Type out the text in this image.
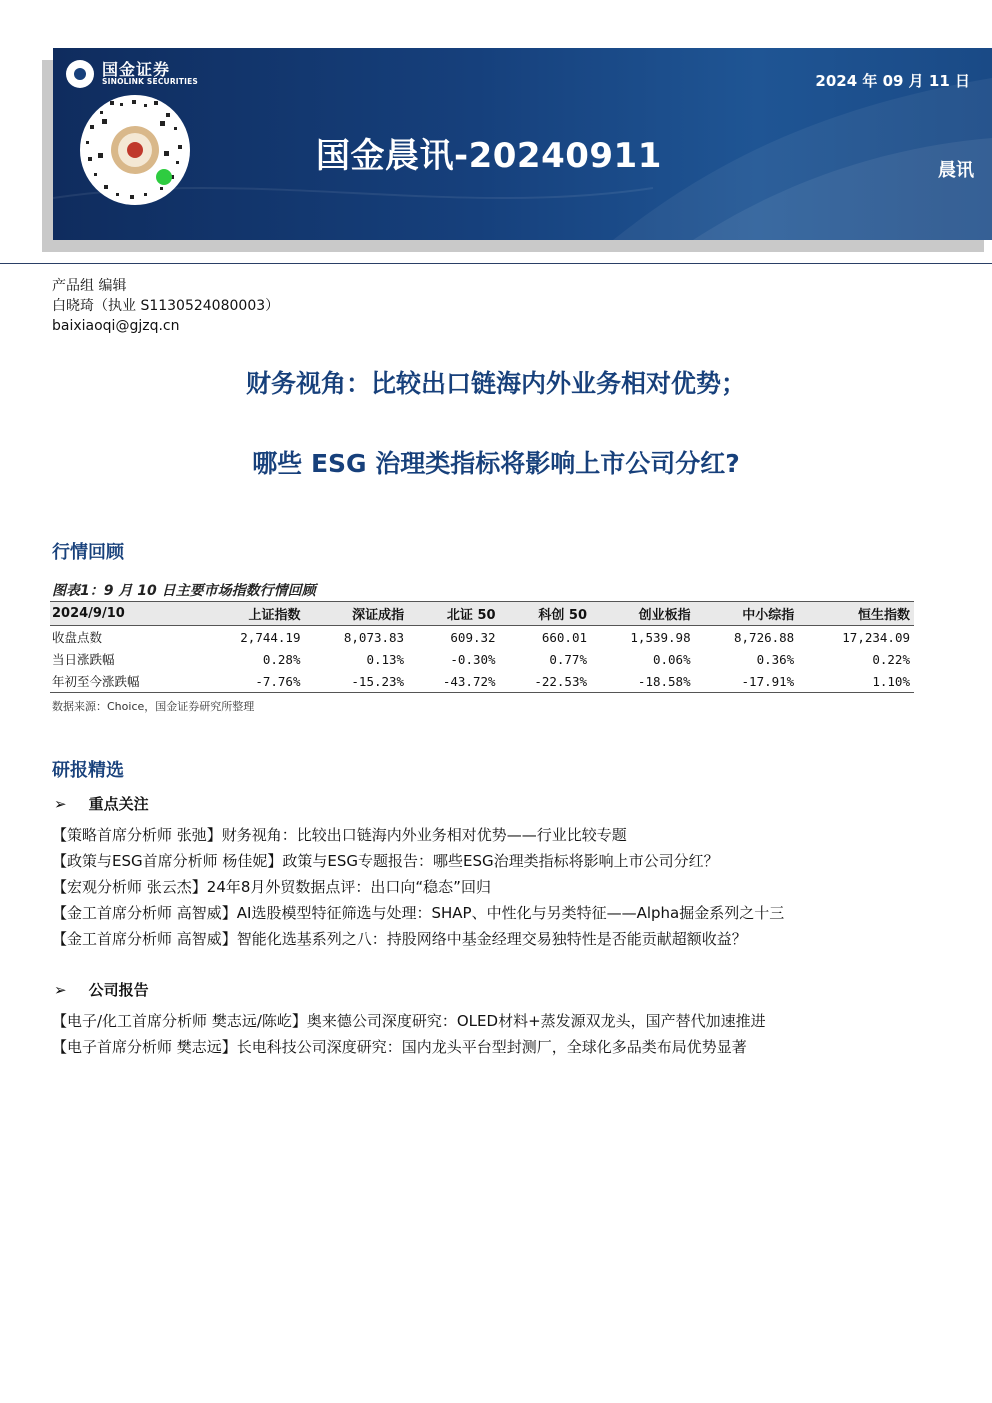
国金证券
SINOLINK SECURITIES	2024 年 09 月 11 日
国金晨讯-20240911	晨讯
产品组 编辑
白晓琦（执业 S1130524080003）
baixiaoqi@gjzq.cn
财务视角：比较出口链海内外业务相对优势；
哪些 ESG 治理类指标将影响上市公司分红?
行情回顾
图表1：9 月 10 日主要市场指数行情回顾
2024/9/10	上证指数	深证成指	北证 50	科创 50	创业板指	中小综指	恒生指数
收盘点数	2,744.19	8,073.83	609.32	660.01	1,539.98	8,726.88	17,234.09
当日涨跌幅	0.28%	0.13%	-0.30%	0.77%	0.06%	0.36%	0.22%
年初至今涨跌幅	-7.76%	-15.23%	-43.72%	-22.53%	-18.58%	-17.91%	1.10%
数据来源：Choice，国金证券研究所整理
研报精选
➢ 重点关注
【策略首席分析师 张弛】财务视角：比较出口链海内外业务相对优势——行业比较专题
【政策与ESG首席分析师 杨佳妮】政策与ESG专题报告：哪些ESG治理类指标将影响上市公司分红？
【宏观分析师 张云杰】24年8月外贸数据点评：出口向“稳态”回归
【金工首席分析师 高智威】AI选股模型特征筛选与处理：SHAP、中性化与另类特征——Alpha掘金系列之十三
【金工首席分析师 高智威】智能化选基系列之八：持股网络中基金经理交易独特性是否能贡献超额收益？
➢ 公司报告
【电子/化工首席分析师 樊志远/陈屹】奥来德公司深度研究：OLED材料+蒸发源双龙头，国产替代加速推进
【电子首席分析师 樊志远】长电科技公司深度研究：国内龙头平台型封测厂，全球化多品类布局优势显著
